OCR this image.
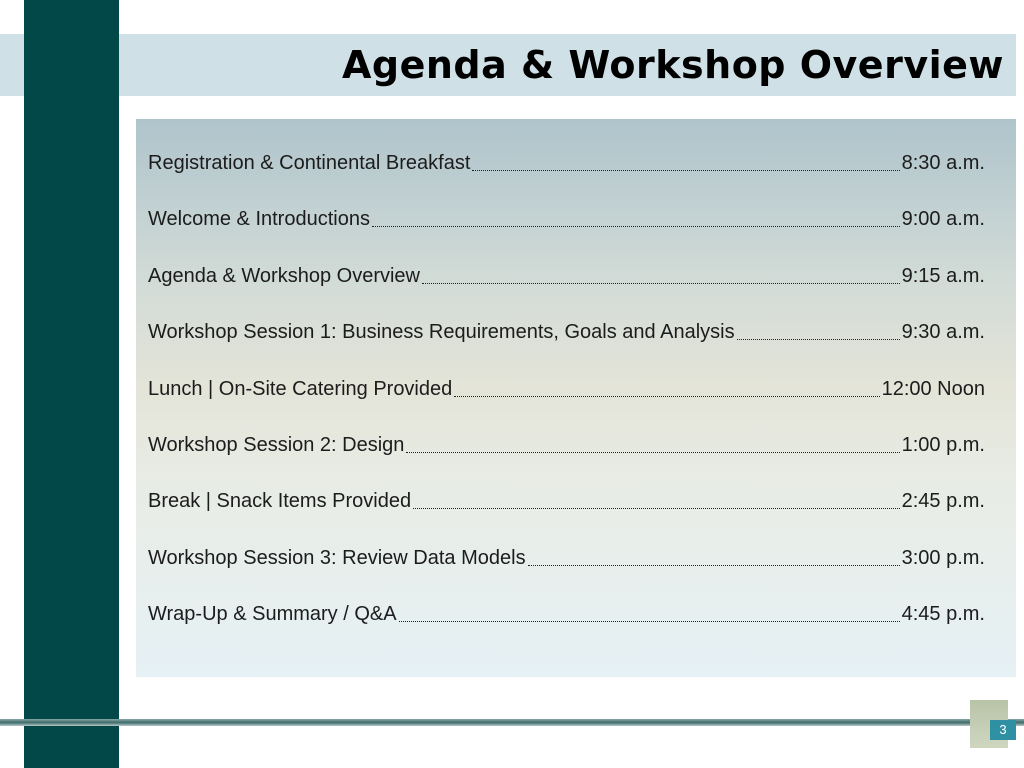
Agenda & Workshop Overview
Registration & Continental Breakfast	8:30 a.m.
Welcome & Introductions	9:00 a.m.
Agenda & Workshop Overview	9:15 a.m.
Workshop Session 1: Business Requirements, Goals and Analysis	9:30 a.m.
Lunch | On-Site Catering Provided	12:00 Noon
Workshop Session 2: Design	1:00 p.m.
Break | Snack Items Provided	2:45 p.m.
Workshop Session 3: Review Data Models	3:00 p.m.
Wrap-Up & Summary / Q&A	4:45 p.m.
3
